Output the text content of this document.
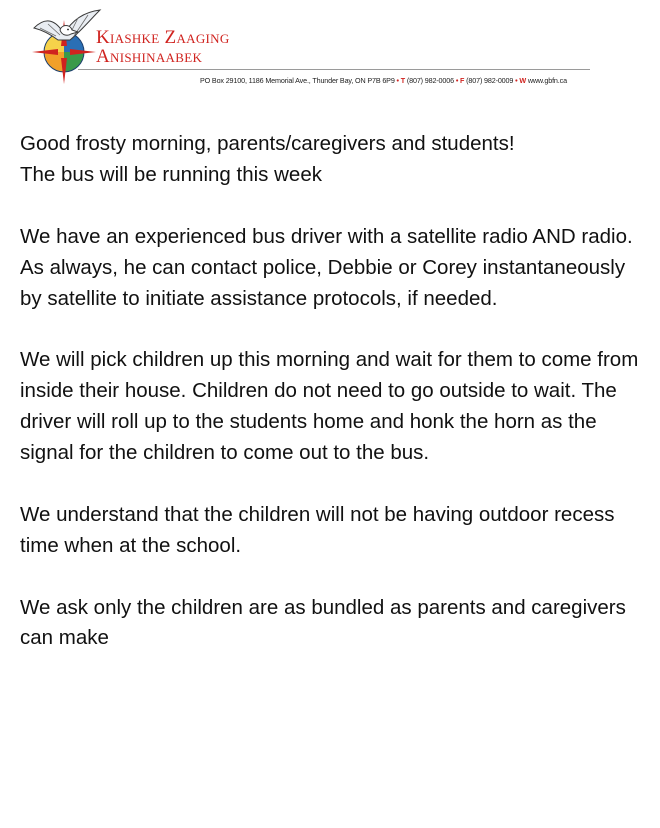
Kiashke Zaaging
Anishinaabek
PO Box 29100, 1186 Memorial Ave., Thunder Bay, ON P7B 6P9 • T (807) 982-0006 • F (807) 982-0009 • W www.gbfn.ca

Good frosty morning, parents/caregivers and students!

The bus will be running this week

We have an experienced bus driver with a satellite radio AND radio. As always, he can contact police, Debbie or Corey instantaneously by satellite to initiate assistance protocols, if needed.

We will pick children up this morning and wait for them to come from inside their house. Children do not need to go outside to wait. The driver will roll up to the students home and honk the horn as the signal for the children to come out to the bus.

We understand that the children will not be having outdoor recess time when at the school.

We ask only the children are as bundled as parents and caregivers can make
